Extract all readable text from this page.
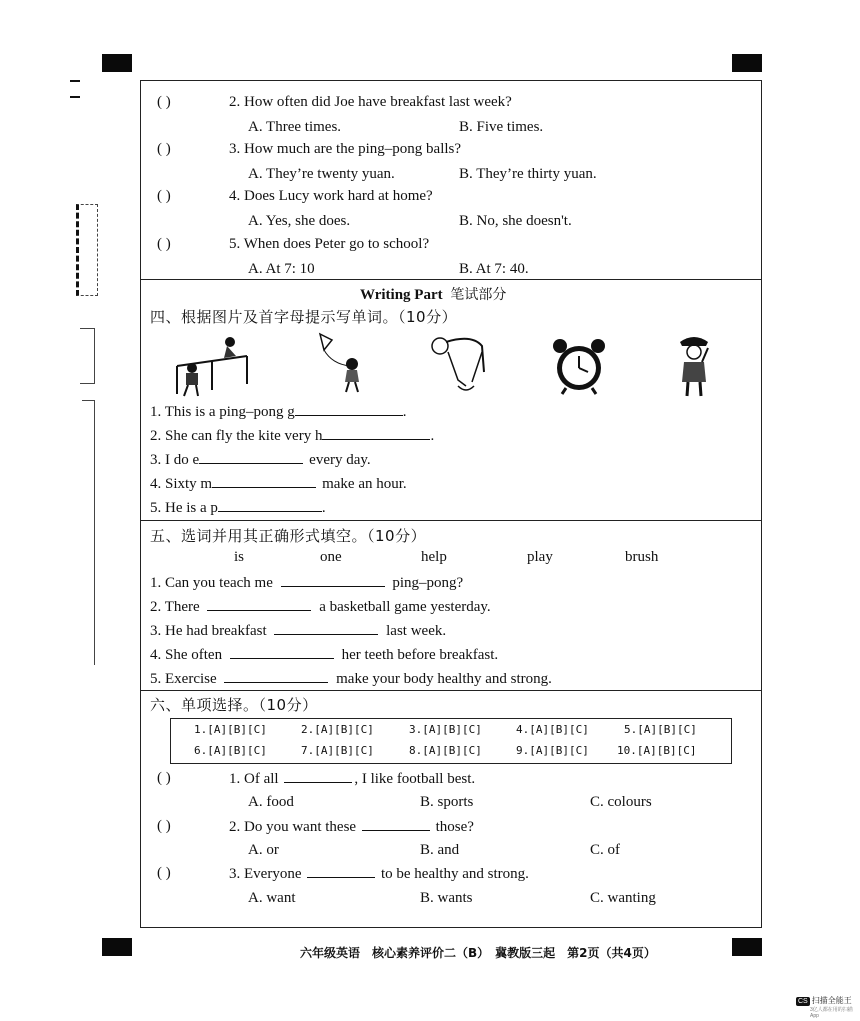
( )	2. How often did Joe have breakfast last week?
A. Three times.	B. Five times.
( )	3. How much are the ping–pong balls?
A. They’re twenty yuan.	B. They’re thirty yuan.
( )	4. Does Lucy work hard at home?
A. Yes, she does.	B. No, she doesn't.
( )	5. When does Peter go to school?
A. At 7: 10	B. At 7: 40.
Writing Part 笔试部分
四、根据图片及首字母提示写单词。（10分）
1. This is a ping–pong g	.
2. She can fly the kite very h	.
3. I do e	every day.
4. Sixty m	make an hour.
5. He is a p	.
五、选词并用其正确形式填空。（10分）
is	one	help	play	brush
1. Can you teach me	ping–pong?
2. There	a basketball game yesterday.
3. He had breakfast	last week.
4. She often	her teeth before breakfast.
5. Exercise	make your body healthy and strong.
六、单项选择。（10分）
1.[A][B][C]	2.[A][B][C]	3.[A][B][C]	4.[A][B][C]	5.[A][B][C]
6.[A][B][C]	7.[A][B][C]	8.[A][B][C]	9.[A][B][C]	10.[A][B][C]
( )	1. Of all	, I like football best.
A. food	B. sports	C. colours
( )	2. Do you want these	those?
A. or	B. and	C. of
( )	3. Everyone	to be healthy and strong.
A. want	B. wants	C. wanting
六年级英语　核心素养评价二（B）　冀教版三起　第2页（共4页）
CS 扫描全能王
3亿人都在用的扫描App
